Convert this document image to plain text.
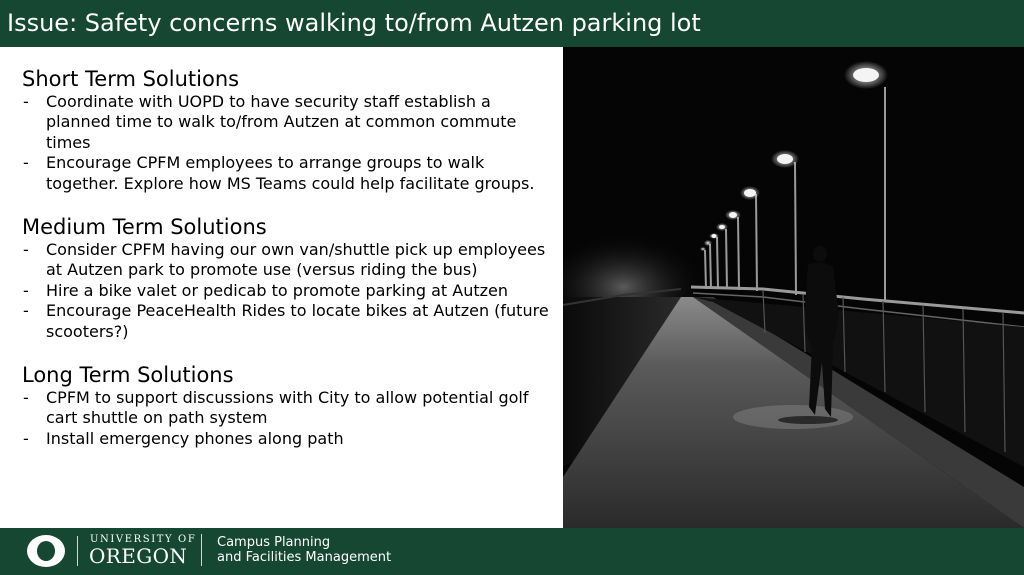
Issue: Safety concerns walking to/from Autzen parking lot
Short Term Solutions
- Coordinate with UOPD to have security staff establish a planned time to walk to/from Autzen at common commute times
- Encourage CPFM employees to arrange groups to walk together. Explore how MS Teams could help facilitate groups.
Medium Term Solutions
- Consider CPFM having our own van/shuttle pick up employees at Autzen park to promote use (versus riding the bus)
- Hire a bike valet or pedicab to promote parking at Autzen
- Encourage PeaceHealth Rides to locate bikes at Autzen (future scooters?)
Long Term Solutions
- CPFM to support discussions with City to allow potential golf cart shuttle on path system
- Install emergency phones along path
UNIVERSITY OF
OREGON
Campus Planning
and Facilities Management
